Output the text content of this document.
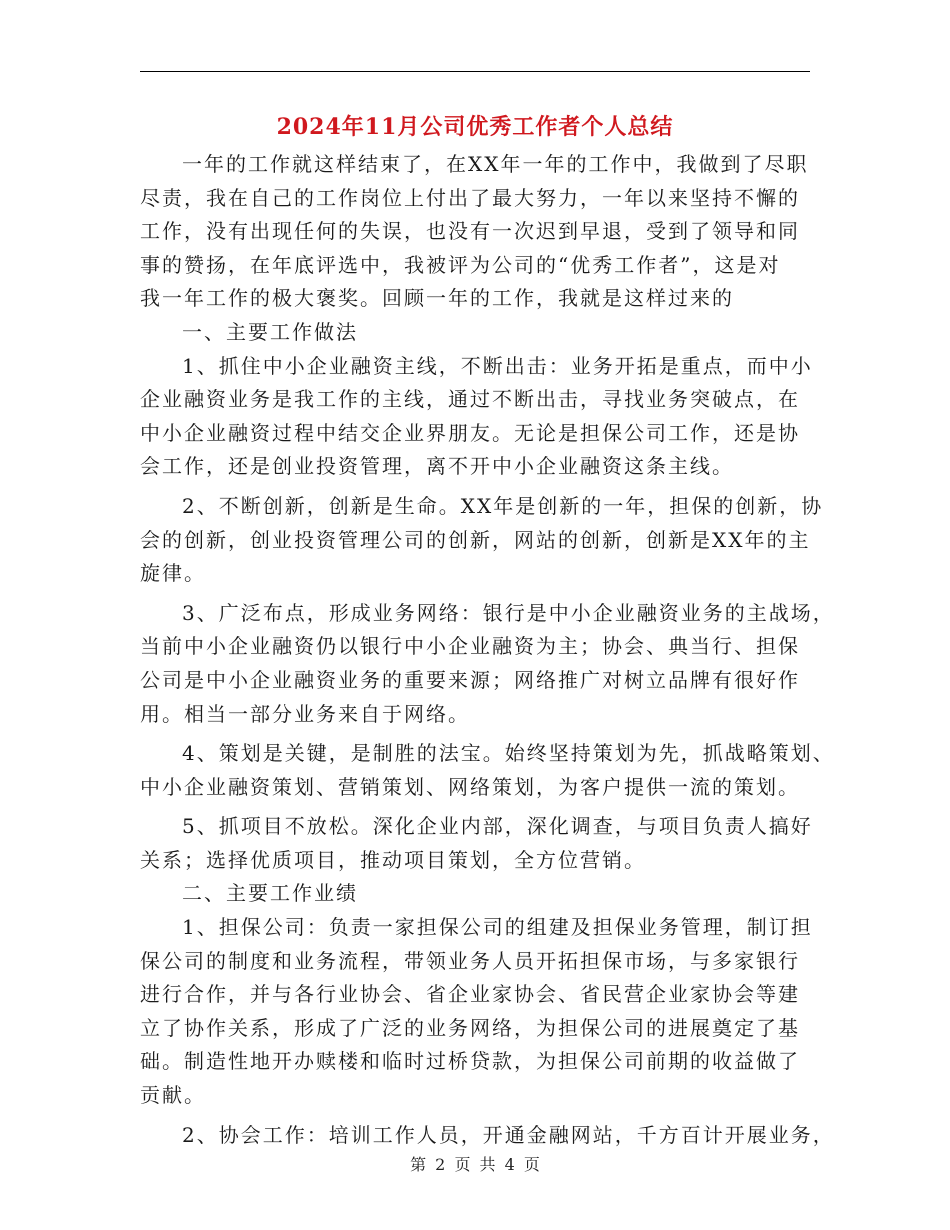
2024年11月公司优秀工作者个人总结
一年的工作就这样结束了，在XX年一年的工作中，我做到了尽职
尽责，我在自己的工作岗位上付出了最大努力，一年以来坚持不懈的
工作，没有出现任何的失误，也没有一次迟到早退，受到了领导和同
事的赞扬，在年底评选中，我被评为公司的“优秀工作者”，这是对
我一年工作的极大褒奖。回顾一年的工作，我就是这样过来的
一、主要工作做法
1、抓住中小企业融资主线，不断出击：业务开拓是重点，而中小
企业融资业务是我工作的主线，通过不断出击，寻找业务突破点，在
中小企业融资过程中结交企业界朋友。无论是担保公司工作，还是协
会工作，还是创业投资管理，离不开中小企业融资这条主线。
2、不断创新，创新是生命。XX年是创新的一年，担保的创新，协
会的创新，创业投资管理公司的创新，网站的创新，创新是XX年的主
旋律。
3、广泛布点，形成业务网络：银行是中小企业融资业务的主战场，
当前中小企业融资仍以银行中小企业融资为主；协会、典当行、担保
公司是中小企业融资业务的重要来源；网络推广对树立品牌有很好作
用。相当一部分业务来自于网络。
4、策划是关键，是制胜的法宝。始终坚持策划为先，抓战略策划、
中小企业融资策划、营销策划、网络策划，为客户提供一流的策划。
5、抓项目不放松。深化企业内部，深化调查，与项目负责人搞好
关系；选择优质项目，推动项目策划，全方位营销。
二、主要工作业绩
1、担保公司：负责一家担保公司的组建及担保业务管理，制订担
保公司的制度和业务流程，带领业务人员开拓担保市场，与多家银行
进行合作，并与各行业协会、省企业家协会、省民营企业家协会等建
立了协作关系，形成了广泛的业务网络，为担保公司的进展奠定了基
础。制造性地开办赎楼和临时过桥贷款，为担保公司前期的收益做了
贡献。
2、协会工作：培训工作人员，开通金融网站，千方百计开展业务，
第 2 页 共 4 页
